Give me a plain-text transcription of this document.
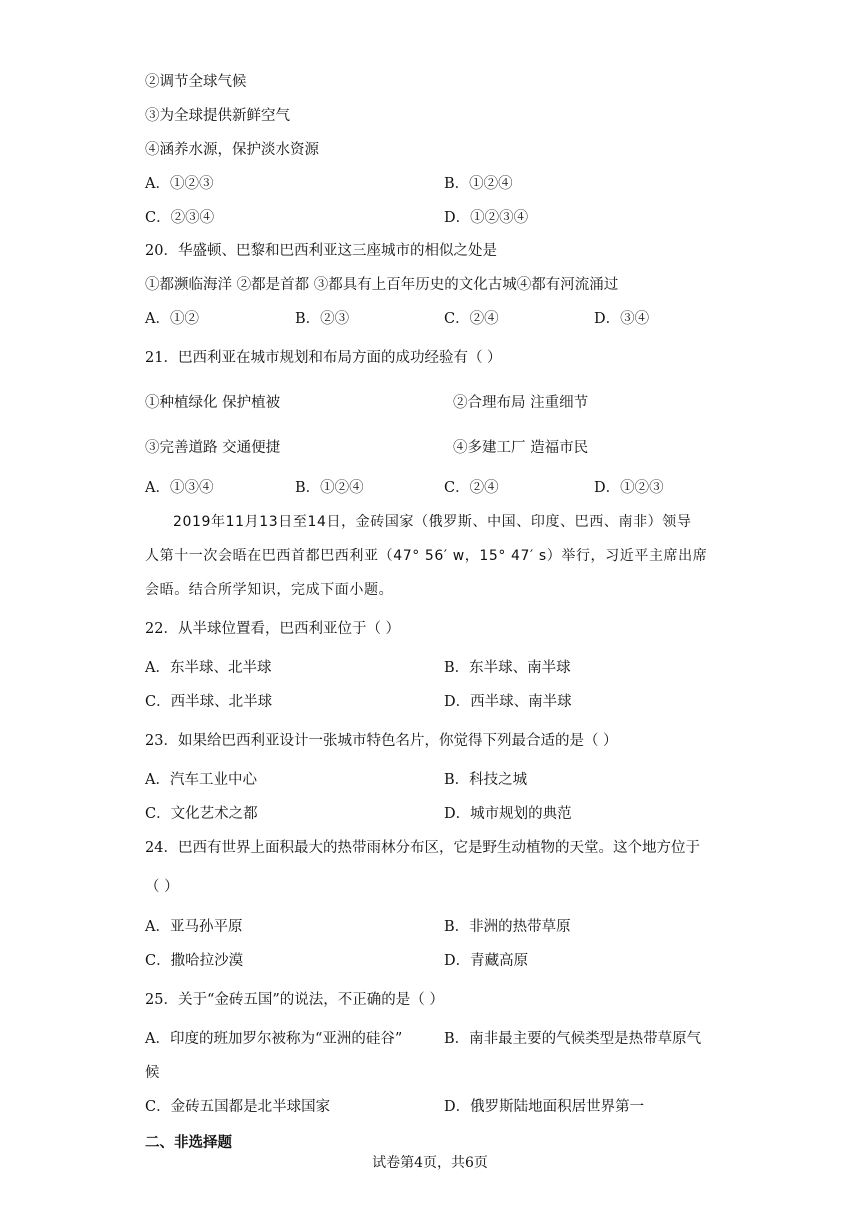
②调节全球气候
③为全球提供新鲜空气
④涵养水源，保护淡水资源
A．①②③	B．①②④
C．②③④	D．①②③④
20．华盛顿、巴黎和巴西利亚这三座城市的相似之处是
①都濒临海洋 ②都是首都 ③都具有上百年历史的文化古城④都有河流涌过
A．①②	B．②③	C．②④	D．③④
21．巴西利亚在城市规划和布局方面的成功经验有（ ）
①种植绿化 保护植被	②合理布局 注重细节
③完善道路 交通便捷	④多建工厂 造福市民
A．①③④	B．①②④	C．②④	D．①②③
2019年11月13日至14日，金砖国家（俄罗斯、中国、印度、巴西、南非）领导
人第十一次会晤在巴西首都巴西利亚（47° 56′ w，15° 47′ s）举行，习近平主席出席
会晤。结合所学知识，完成下面小题。
22．从半球位置看，巴西利亚位于（ ）
A．东半球、北半球	B．东半球、南半球
C．西半球、北半球	D．西半球、南半球
23．如果给巴西利亚设计一张城市特色名片，你觉得下列最合适的是（ ）
A．汽车工业中心	B．科技之城
C．文化艺术之都	D．城市规划的典范
24．巴西有世界上面积最大的热带雨林分布区，它是野生动植物的天堂。这个地方位于
（ ）
A．亚马孙平原	B．非洲的热带草原
C．撒哈拉沙漠	D．青藏高原
25．关于“金砖五国”的说法，不正确的是（ ）
A．印度的班加罗尔被称为“亚洲的硅谷”	B．南非最主要的气候类型是热带草原气
候
C．金砖五国都是北半球国家	D．俄罗斯陆地面积居世界第一
二、非选择题
试卷第4页，共6页
